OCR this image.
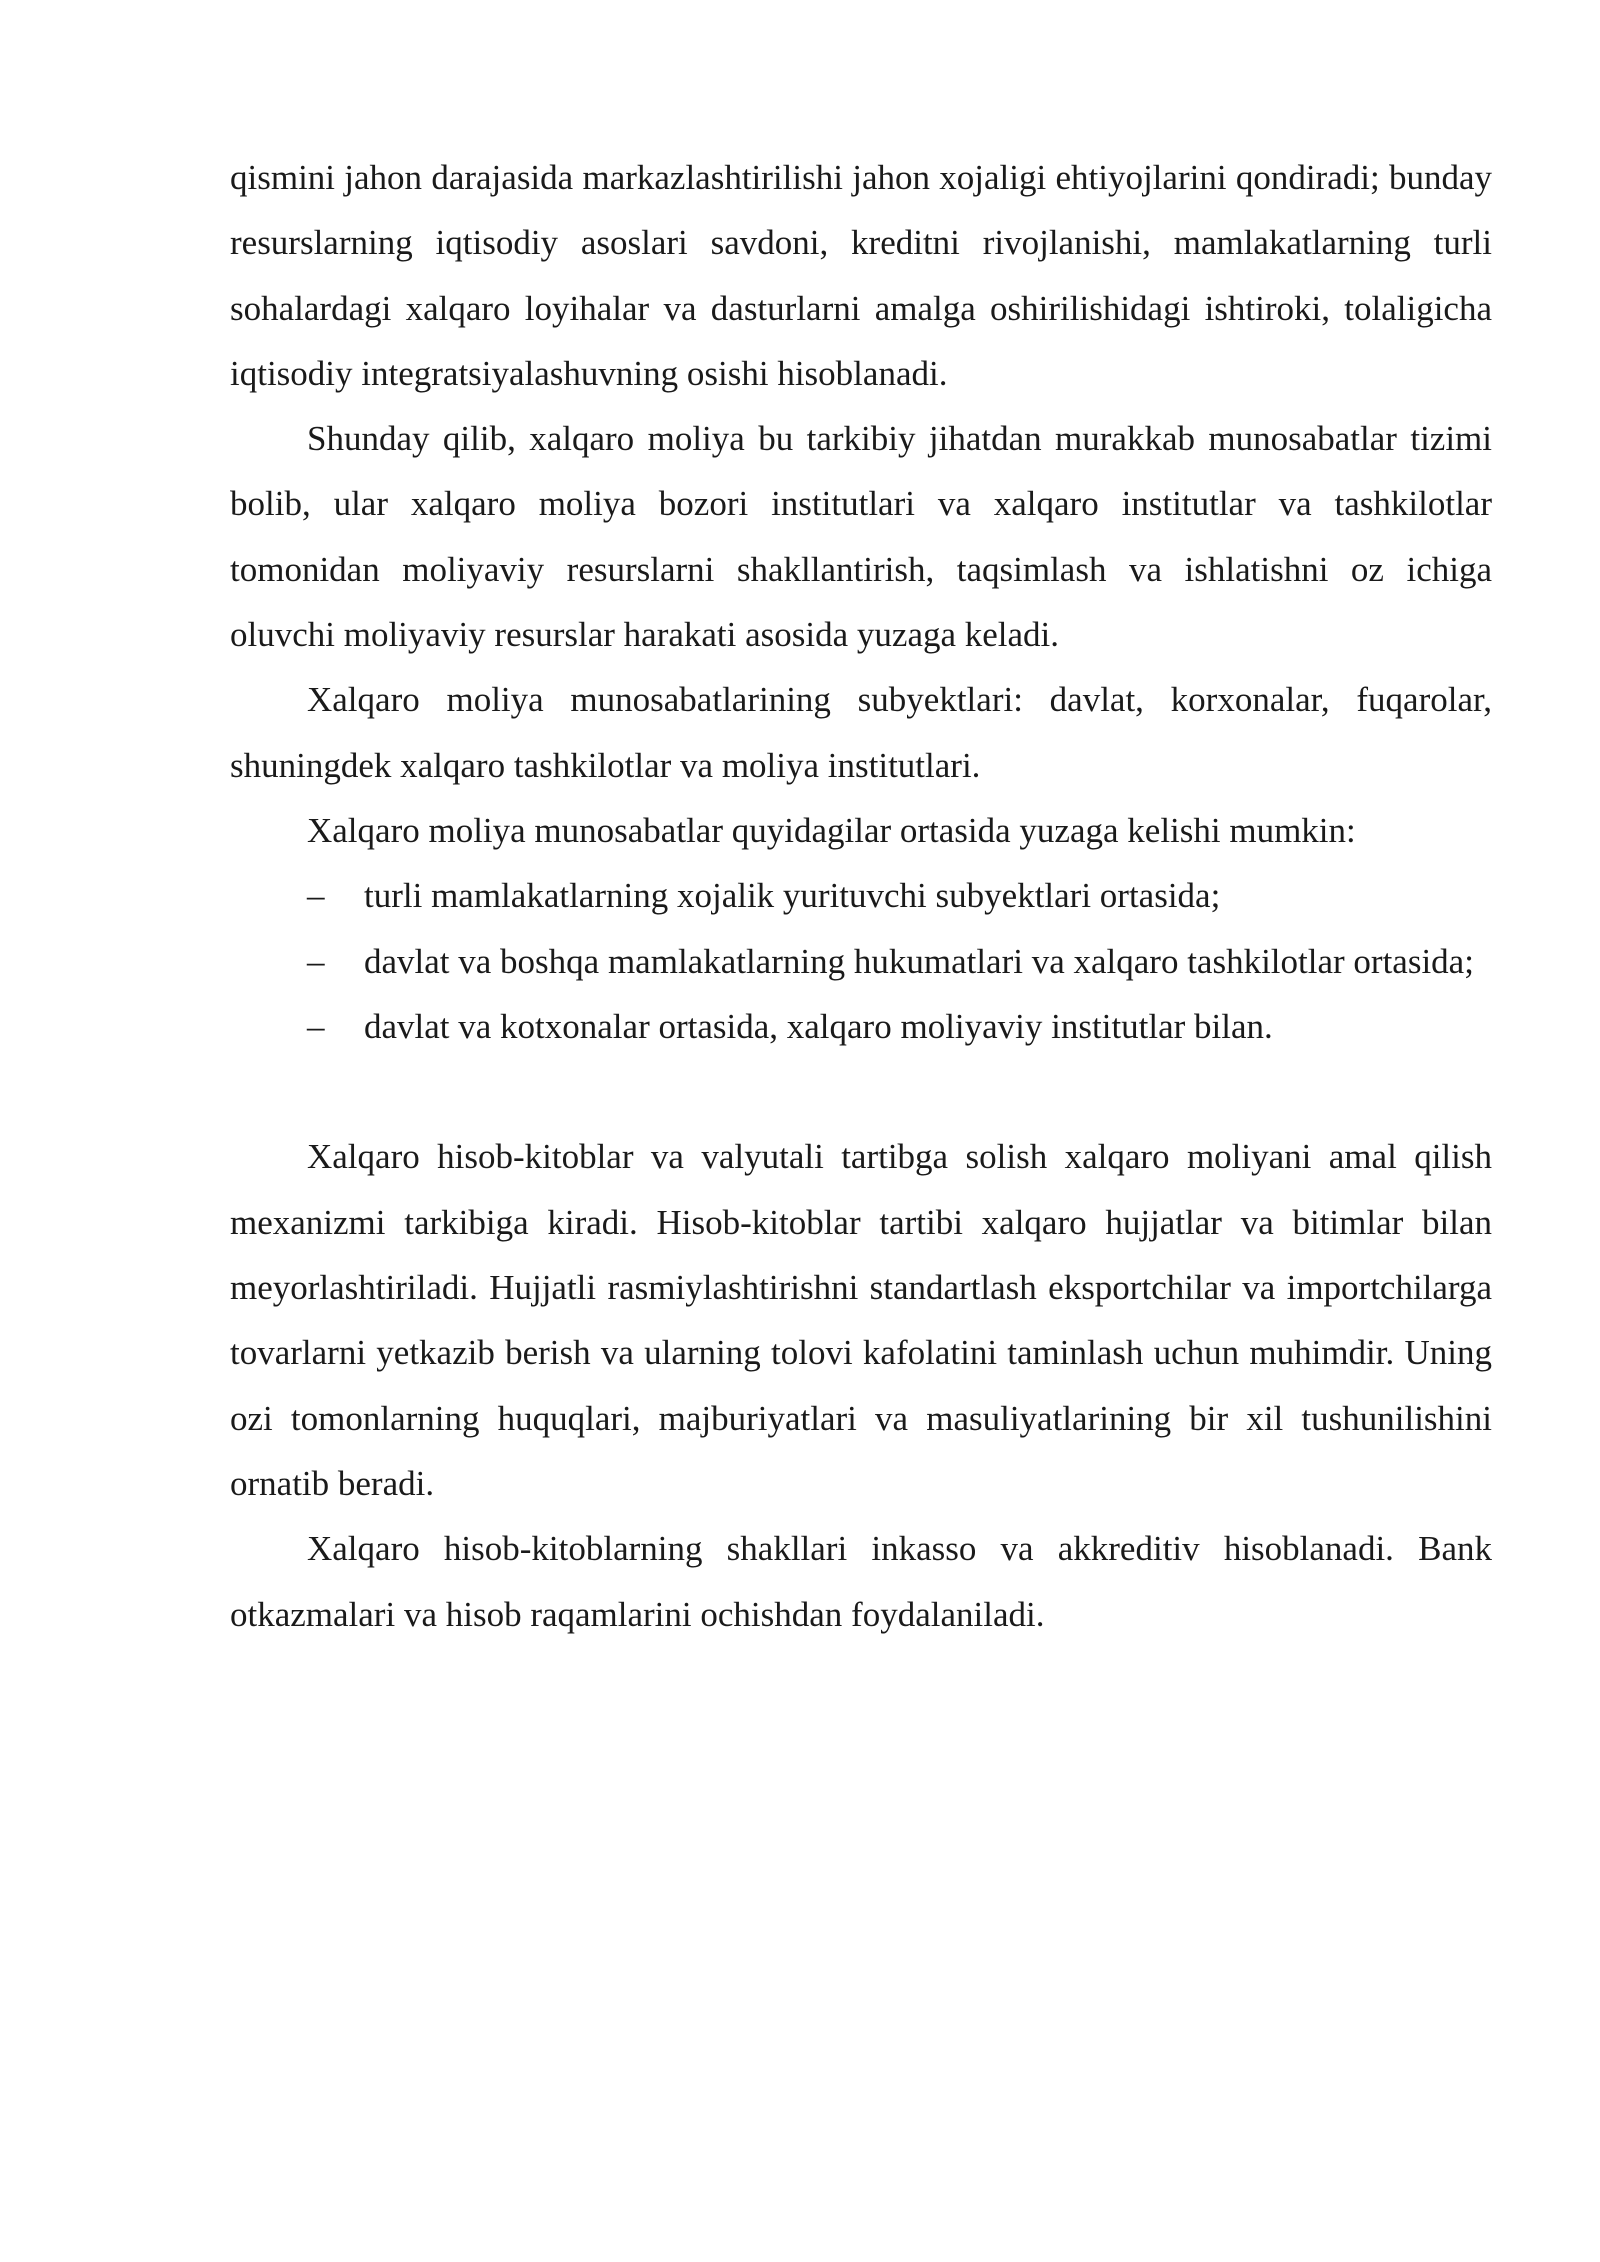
qismini jahon darajasida markazlashtirilishi jahon xojaligi ehtiyojlarini qondiradi; bunday resurslarning iqtisodiy asoslari savdoni, kreditni rivojlanishi, mamlakatlarning turli sohalardagi xalqaro loyihalar va dasturlarni amalga oshirilishidagi ishtiroki, tolaligicha iqtisodiy integratsiyalashuvning osishi hisoblanadi.

Shunday qilib, xalqaro moliya bu tarkibiy jihatdan murakkab munosabatlar tizimi bolib, ular xalqaro moliya bozori institutlari va xalqaro institutlar va tashkilotlar tomonidan moliyaviy resurslarni shakllantirish, taqsimlash va ishlatishni oz ichiga oluvchi moliyaviy resurslar harakati asosida yuzaga keladi.

Xalqaro moliya munosabatlarining subyektlari: davlat, korxonalar, fuqarolar, shuningdek xalqaro tashkilotlar va moliya institutlari.

Xalqaro moliya munosabatlar quyidagilar ortasida yuzaga kelishi mumkin:

– turli mamlakatlarning xojalik yurituvchi subyektlari ortasida;

– davlat va boshqa mamlakatlarning hukumatlari va xalqaro tashkilotlar ortasida;

– davlat va kotxonalar ortasida, xalqaro moliyaviy institutlar bilan.

Xalqaro hisob-kitoblar va valyutali tartibga solish xalqaro moliyani amal qilish mexanizmi tarkibiga kiradi. Hisob-kitoblar tartibi xalqaro hujjatlar va bitimlar bilan meyorlashtiriladi. Hujjatli rasmiylashtirishni standartlash eksportchilar va importchilarga tovarlarni yetkazib berish va ularning tolovi kafolatini taminlash uchun muhimdir. Uning ozi tomonlarning huquqlari, majburiyatlari va masuliyatlarining bir xil tushunilishini ornatib beradi.

Xalqaro hisob-kitoblarning shakllari inkasso va akkreditiv hisoblanadi. Bank otkazmalari va hisob raqamlarini ochishdan foydalaniladi.
